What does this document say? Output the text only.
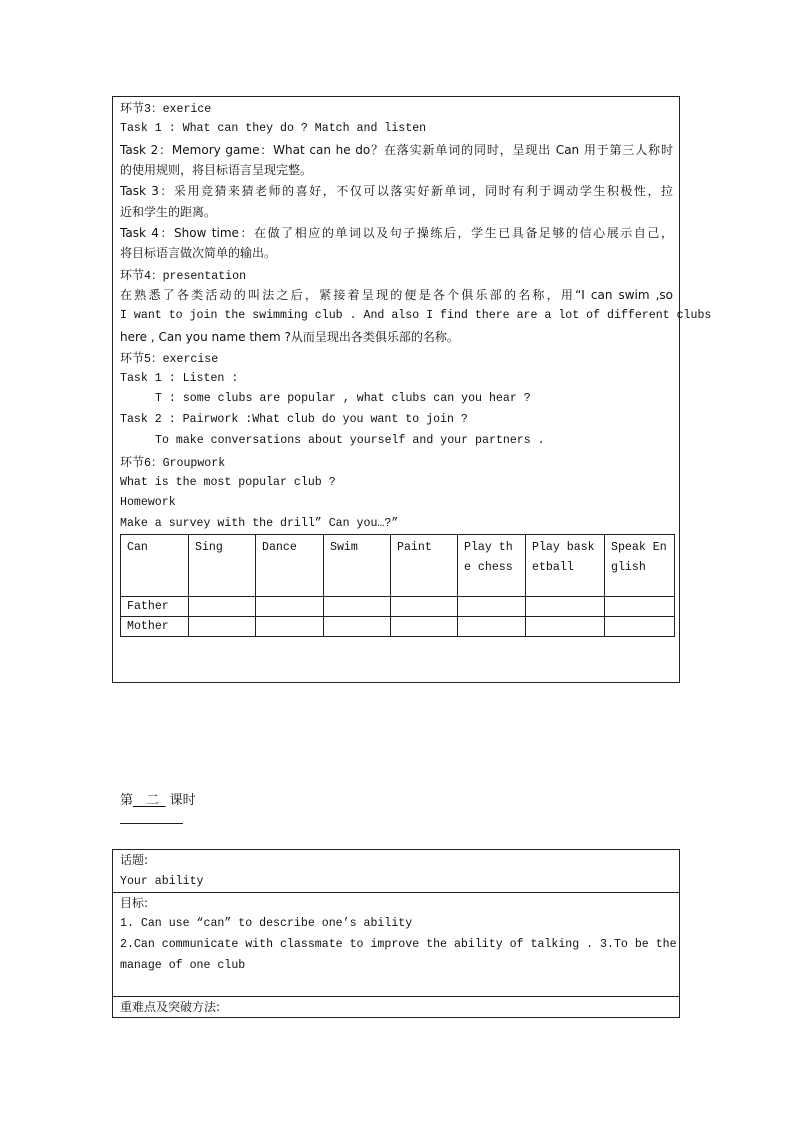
环节3：exerice
Task 1 : What can they do ? Match and listen
Task 2：Memory game：What can he do？在落实新单词的同时，呈现出 Can 用于第三人称时
的使用规则，将目标语言呈现完整。
Task 3：采用竞猜来猜老师的喜好，不仅可以落实好新单词，同时有利于调动学生积极性，拉
近和学生的距离。
Task 4：Show time：在做了相应的单词以及句子操练后，学生已具备足够的信心展示自己，
将目标语言做次简单的输出。
环节4：presentation
在熟悉了各类活动的叫法之后，紧接着呈现的便是各个俱乐部的名称，用“I can swim ,so
I want to join the swimming club . And also I find there are a lot of different clubs
here , Can you name them ?从而呈现出各类俱乐部的名称。
环节5：exercise
Task 1 : Listen :
T : some clubs are popular , what clubs can you hear ?
Task 2 : Pairwork :What club do you want to join ?
To make conversations about yourself and your partners .
环节6：Groupwork
What is the most popular club ?
Homework
Make a survey with the drill” Can you…?”
Can	Sing	Dance	Swim	Paint	Play the chess	Play basketball	Speak English
Father							
Mother							
第__二_ 课时
话题:
Your ability
目标:
1. Can use “can” to describe one’s ability
2.Can communicate with classmate to improve the ability of talking . 3.To be the
manage of one club
重难点及突破方法:
